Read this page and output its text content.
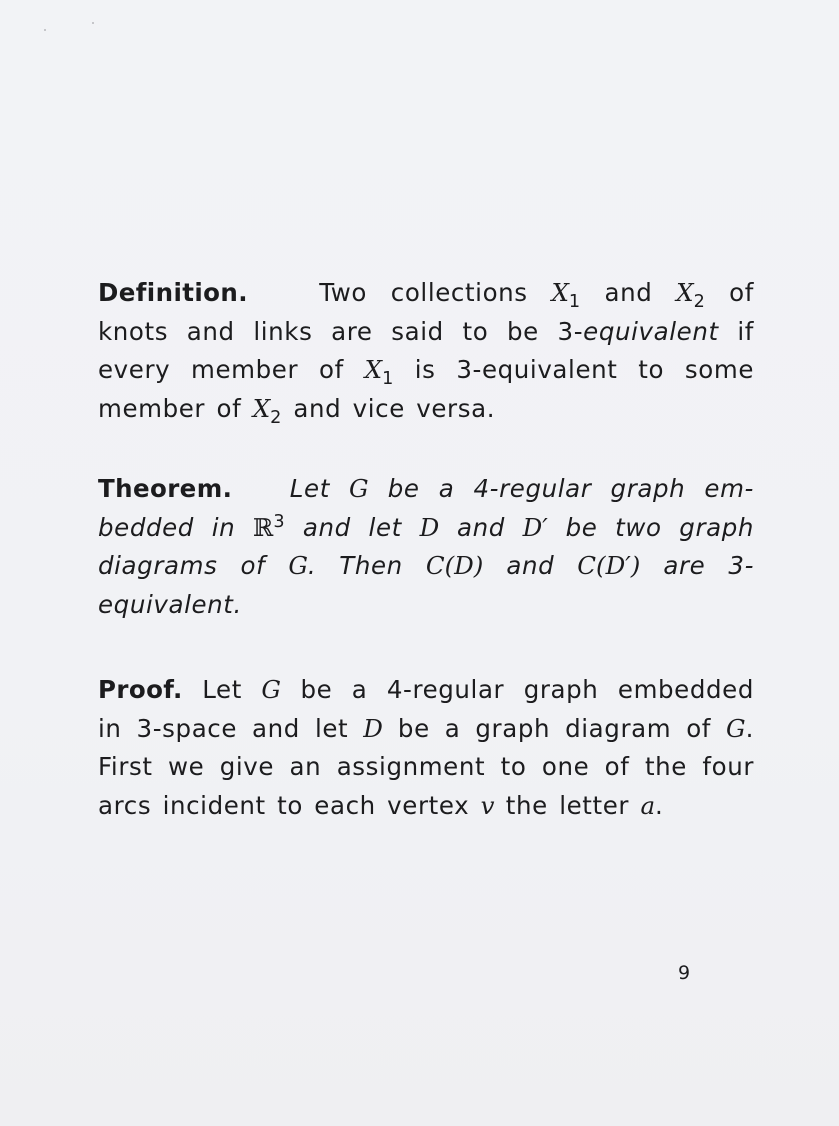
Definition.	Two collections $X_1$ and $X_2$ of
knots and links are said to be 3-equivalent if
every member of $X_1$ is 3-equivalent to some
member of $X_2$ and vice versa.
Theorem. Let G be a 4-regular graph em-
bedded in ℝ$^3$ and let D and D′ be two graph
diagrams of G. Then C(D) and C(D′) are 3-
equivalent.
Proof. Let G be a 4-regular graph embedded
in 3-space and let D be a graph diagram of G.
First we give an assignment to one of the four
arcs incident to each vertex v the letter a.
9
